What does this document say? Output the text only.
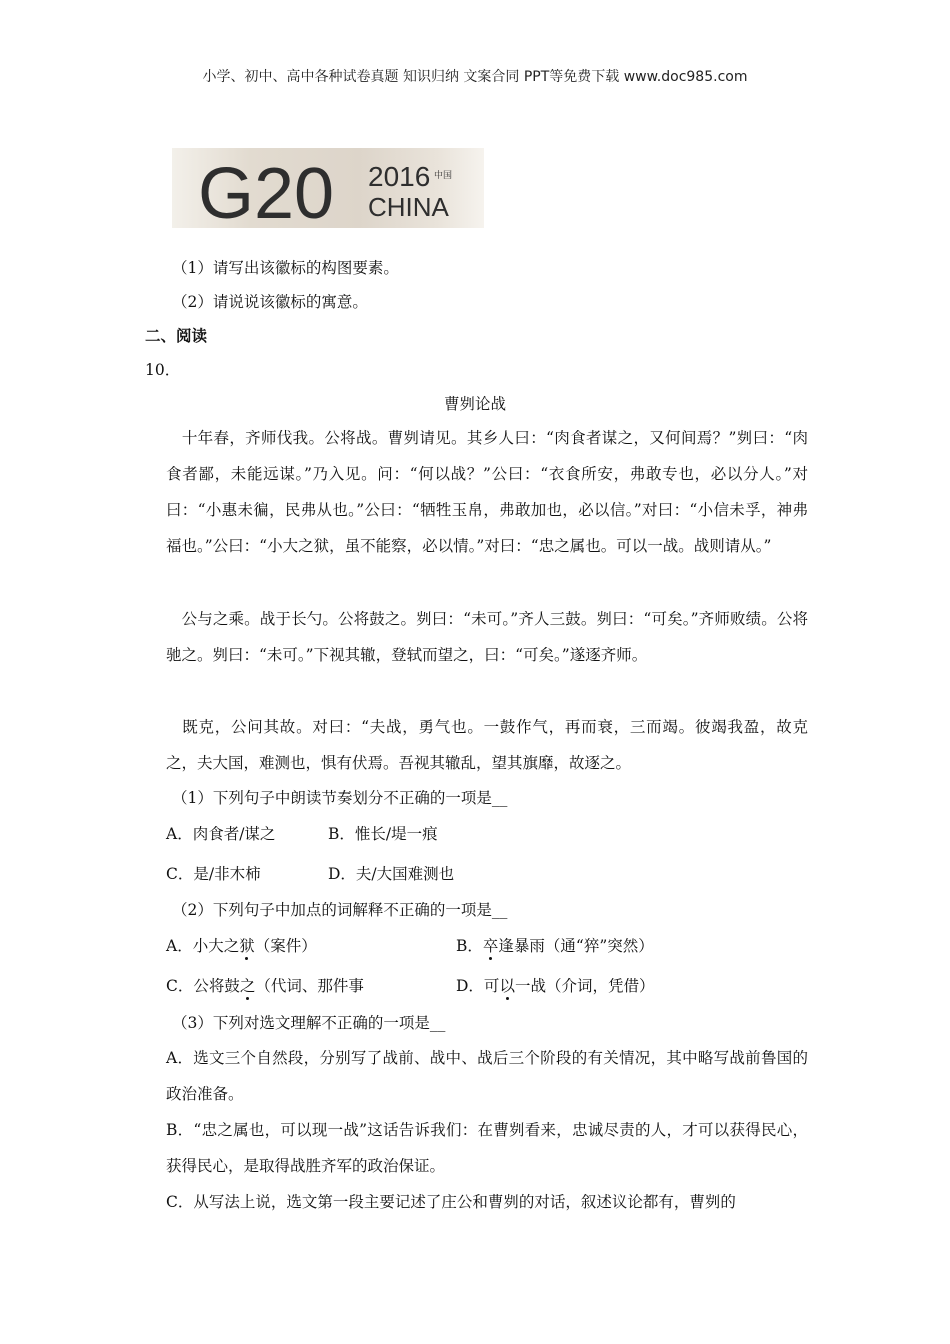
小学、初中、高中各种试卷真题 知识归纳 文案合同 PPT等免费下载 www.doc985.com
G20 2016
CHINA
中国
（1）请写出该徽标的构图要素。
（2）请说说该徽标的寓意。
二、阅读
10．
曹刿论战
　十年春，齐师伐我。公将战。曹刿请见。其乡人曰：“肉食者谋之，又何间焉？”刿曰：“肉食者鄙，未能远谋。”乃入见。问：“何以战？”公曰：“衣食所安，弗敢专也，必以分人。”对曰：“小惠未徧，民弗从也。”公曰：“牺牲玉帛，弗敢加也，必以信。”对曰：“小信未孚，神弗福也。”公曰：“小大之狱，虽不能察，必以情。”对曰：“忠之属也。可以一战。战则请从。”
　公与之乘。战于长勺。公将鼓之。刿曰：“未可。”齐人三鼓。刿曰：“可矣。”齐师败绩。公将驰之。刿曰：“未可。”下视其辙，登轼而望之，曰：“可矣。”遂逐齐师。
　既克，公问其故。对曰：“夫战，勇气也。一鼓作气，再而衰，三而竭。彼竭我盈，故克之，夫大国，难测也，惧有伏焉。吾视其辙乱，望其旗靡，故逐之。
（1）下列句子中朗读节奏划分不正确的一项是__
A．肉食者/谋之	B．惟长/堤一痕
C．是/非木柿	D．夫/大国难测也
（2）下列句子中加点的词解释不正确的一项是__
A．小大之狱（案件）	B．卒逢暴雨（通“猝”突然）
C．公将鼓之（代词、那件事	D．可以一战（介词，凭借）
（3）下列对选文理解不正确的一项是__
A．选文三个自然段，分别写了战前、战中、战后三个阶段的有关情况，其中略写战前鲁国的政治准备。
B．“忠之属也，可以现一战”这话告诉我们：在曹刿看来，忠诚尽责的人，才可以获得民心，获得民心，是取得战胜齐军的政治保证。
C．从写法上说，选文第一段主要记述了庄公和曹刿的对话，叙述议论都有，曹刿的
